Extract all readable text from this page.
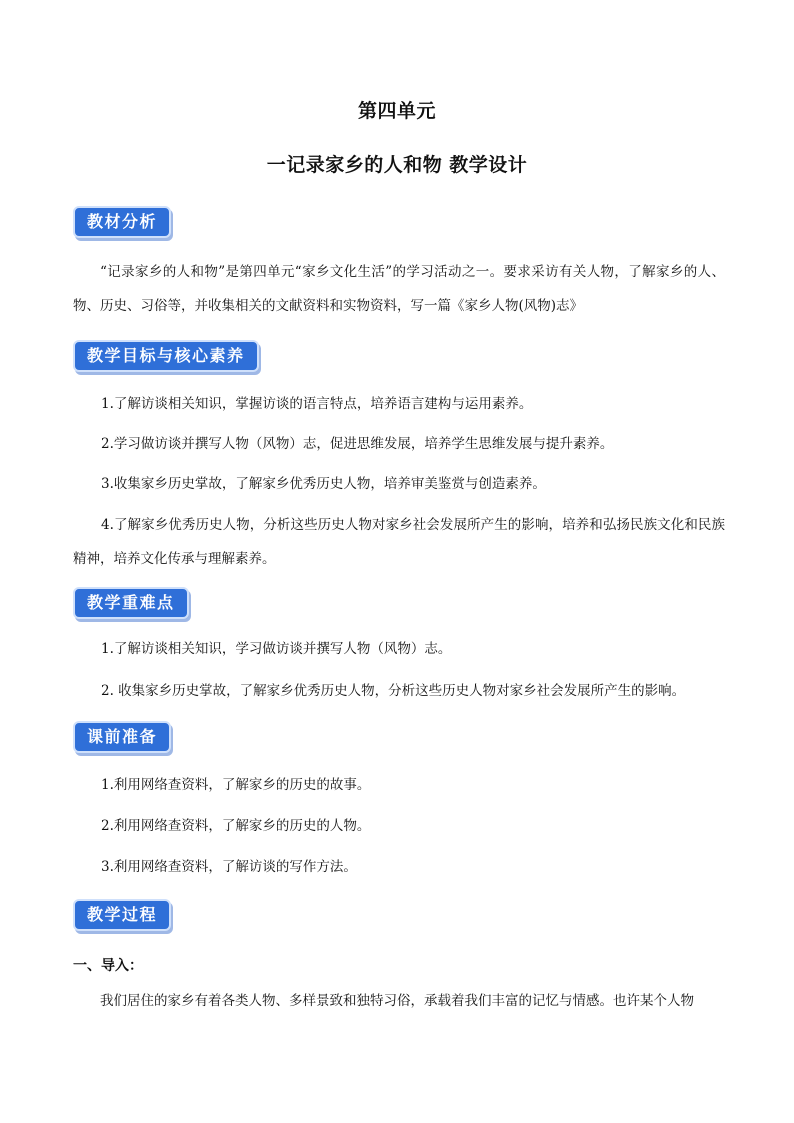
第四单元
一记录家乡的人和物 教学设计
教材分析
“记录家乡的人和物”是第四单元“家乡文化生活”的学习活动之一。要求采访有关人物，了解家乡的人、物、历史、习俗等，并收集相关的文献资料和实物资料，写一篇《家乡人物(风物)志》
教学目标与核心素养
1.了解访谈相关知识，掌握访谈的语言特点，培养语言建构与运用素养。
2.学习做访谈并撰写人物（风物）志，促进思维发展，培养学生思维发展与提升素养。
3.收集家乡历史掌故，了解家乡优秀历史人物，培养审美鉴赏与创造素养。
4.了解家乡优秀历史人物，分析这些历史人物对家乡社会发展所产生的影响，培养和弘扬民族文化和民族精神，培养文化传承与理解素养。
教学重难点
1.了解访谈相关知识，学习做访谈并撰写人物（风物）志。
2. 收集家乡历史掌故，了解家乡优秀历史人物，分析这些历史人物对家乡社会发展所产生的影响。
课前准备
1.利用网络查资料，了解家乡的历史的故事。
2.利用网络查资料，了解家乡的历史的人物。
3.利用网络查资料，了解访谈的写作方法。
教学过程
一、导入：
我们居住的家乡有着各类人物、多样景致和独特习俗，承载着我们丰富的记忆与情感。也许某个人物
